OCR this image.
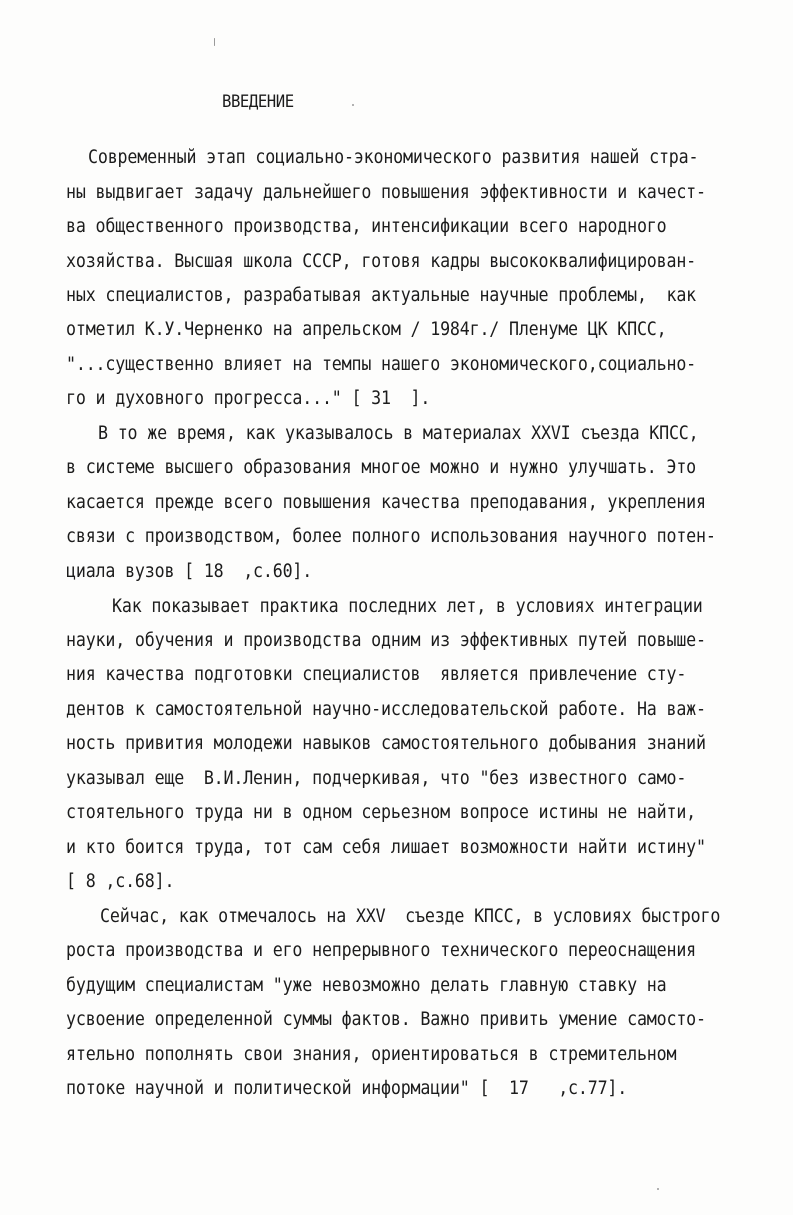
ВВЕДЕНИЕ
Современный этап социально-экономического развития нашей стра-
ны выдвигает задачу дальнейшего повышения эффективности и качест-
ва общественного производства, интенсификации всего народного
хозяйства. Высшая школа СССР, готовя кадры высококвалифицирован-
ных специалистов, разрабатывая актуальные научные проблемы,  как
отметил К.У.Черненко на апрельском / 1984г./ Пленуме ЦК КПСС,
"...существенно влияет на темпы нашего экономического,социально-
го и духовного прогресса..." [ 31  ].
В то же время, как указывалось в материалах XXVI съезда КПСС,
в системе высшего образования многое можно и нужно улучшать. Это
касается прежде всего повышения качества преподавания, укрепления
связи с производством, более полного использования научного потен-
циала вузов [ 18  ,с.60].
Как показывает практика последних лет, в условиях интеграции
науки, обучения и производства одним из эффективных путей повыше-
ния качества подготовки специалистов  является привлечение сту-
дентов к самостоятельной научно-исследовательской работе. На важ-
ность привития молодежи навыков самостоятельного добывания знаний
указывал еще  В.И.Ленин, подчеркивая, что "без известного само-
стоятельного труда ни в одном серьезном вопросе истины не найти,
и кто боится труда, тот сам себя лишает возможности найти истину"
[ 8 ,с.68].
Сейчас, как отмечалось на XXV  съезде КПСС, в условиях быстрого
роста производства и его непрерывного технического переоснащения
будущим специалистам "уже невозможно делать главную ставку на
усвоение определенной суммы фактов. Важно привить умение самосто-
ятельно пополнять свои знания, ориентироваться в стремительном
потоке научной и политической информации" [  17   ,с.77].
